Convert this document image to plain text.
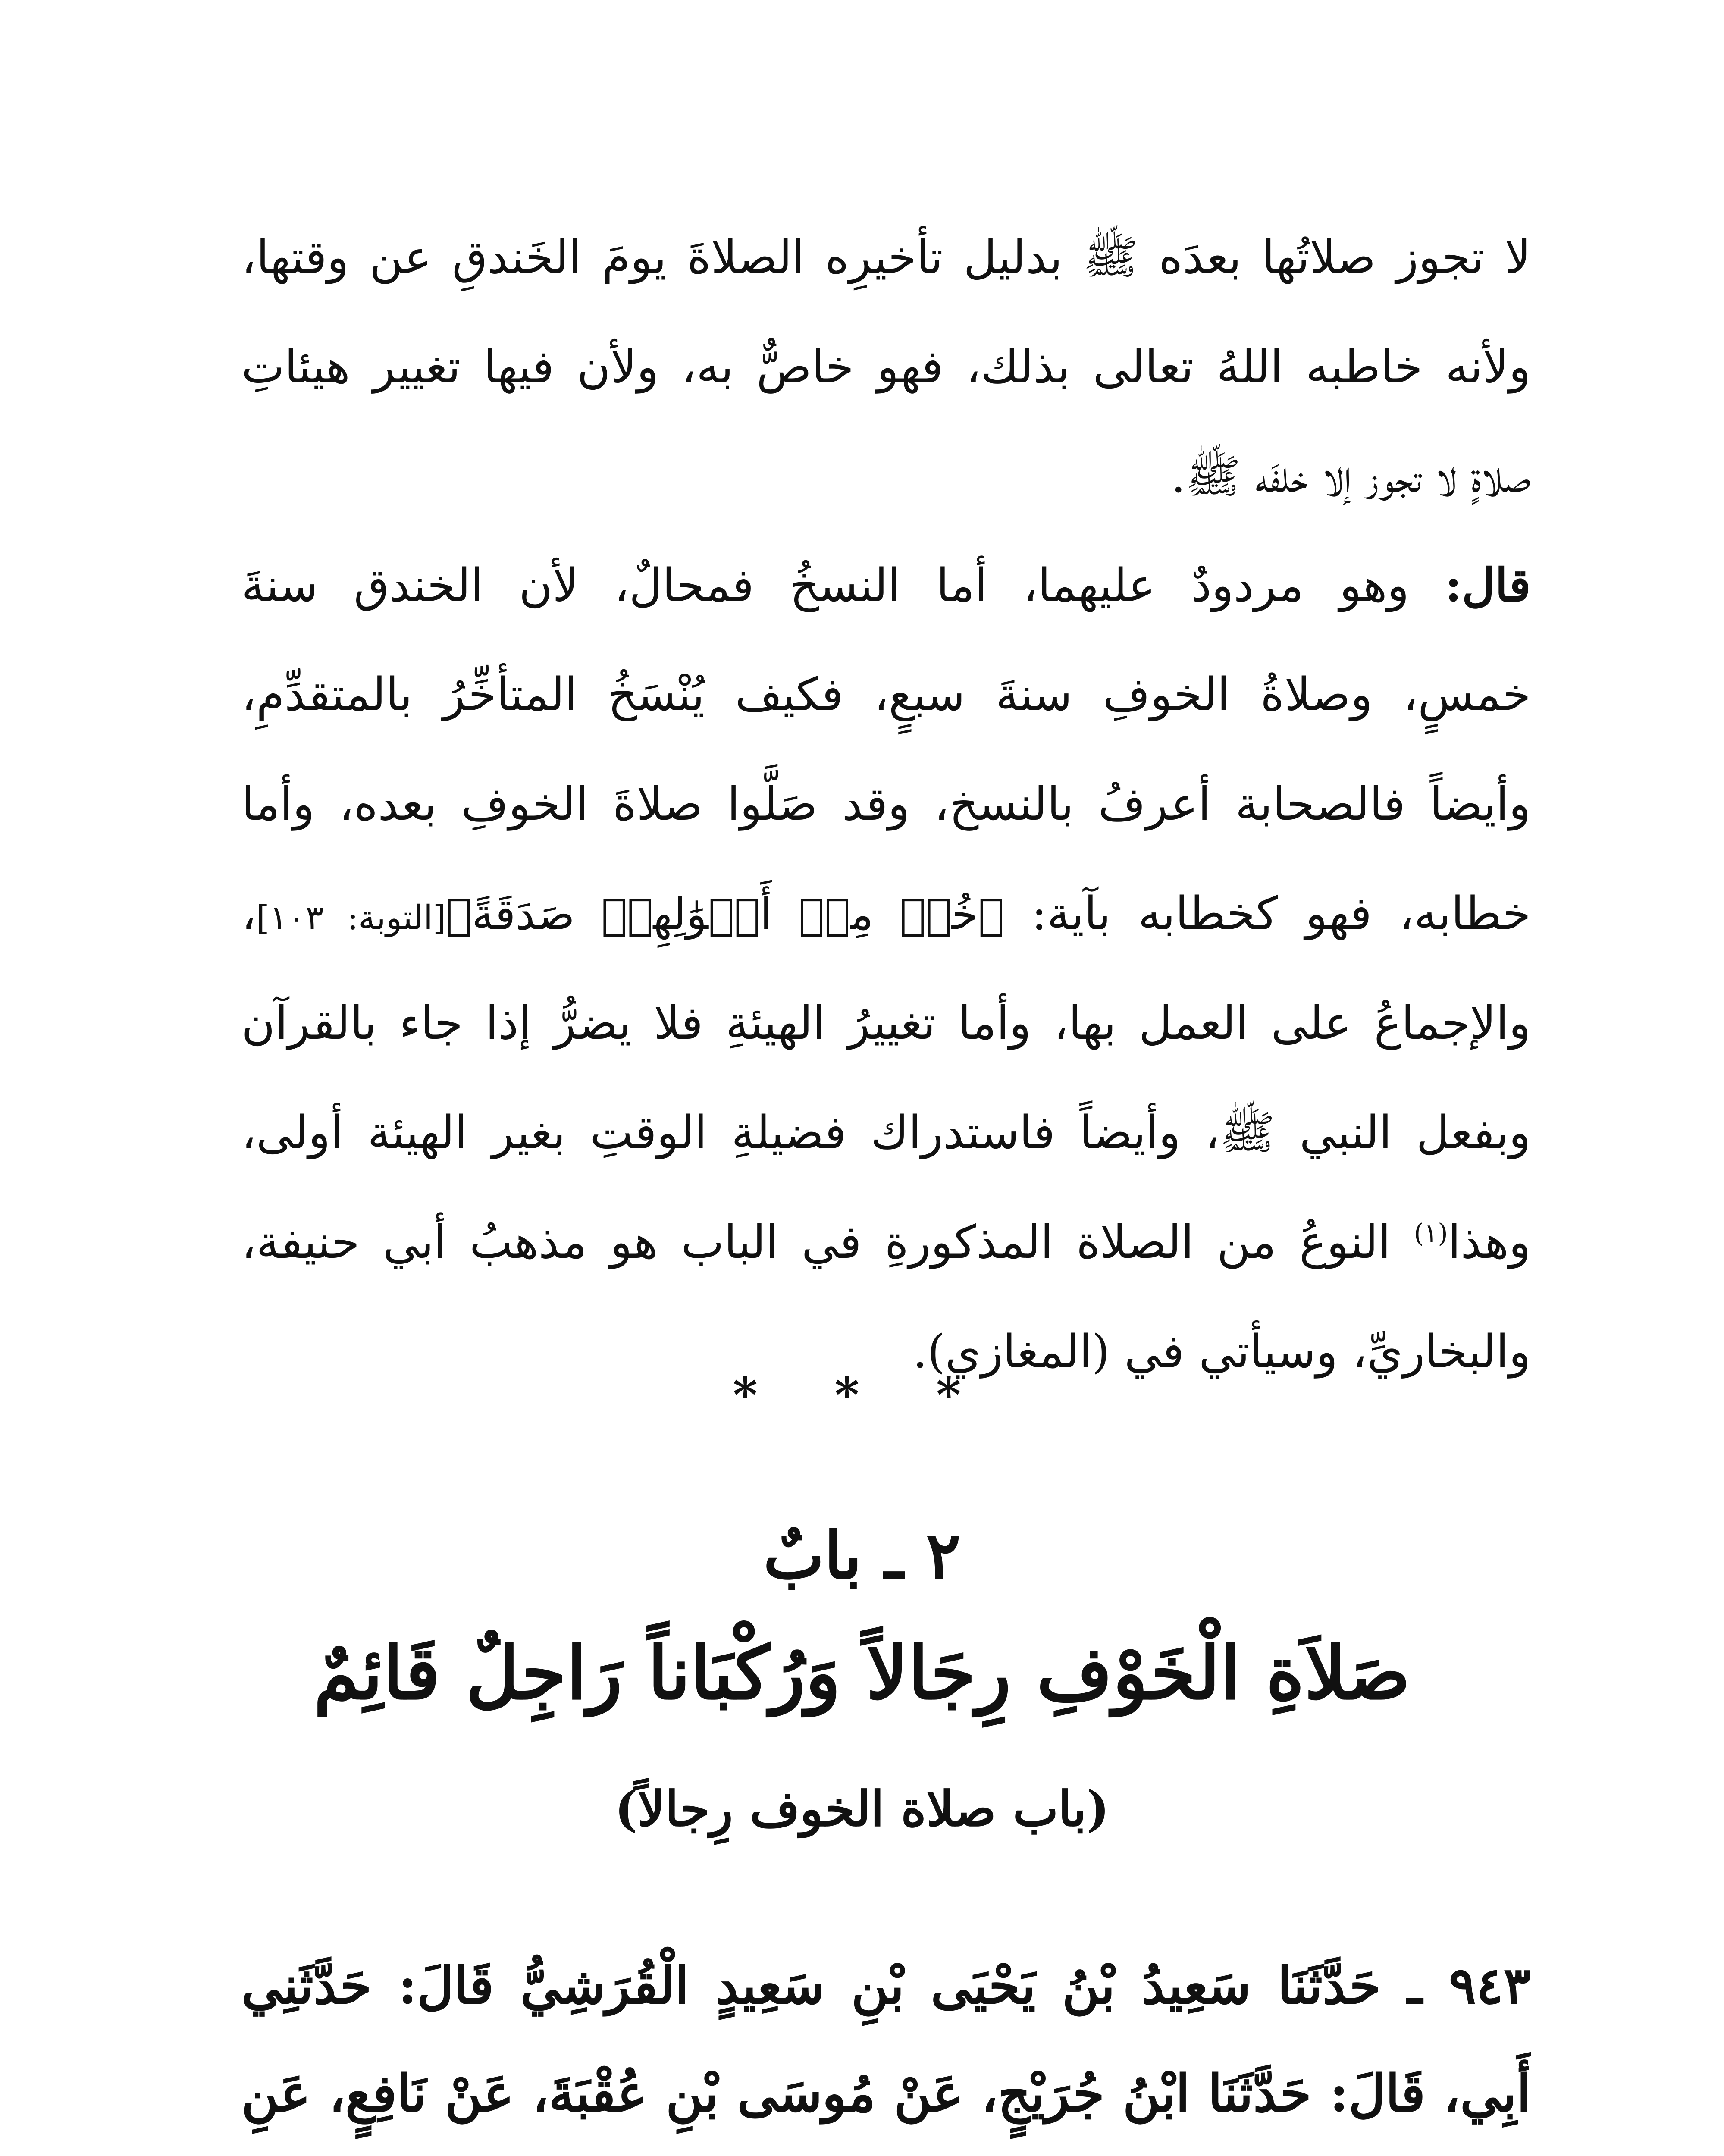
لا تجوز صلاتُها بعدَه ﷺ بدليل تأخيرِه الصلاةَ يومَ الخَندقِ عن وقتها،
ولأنه خاطبه اللهُ تعالى بذلك، فهو خاصٌّ به، ولأن فيها تغيير هيئاتِ
صلاةٍ لا تجوز إلا خلفَه ﷺ.
قال: وهو مردودٌ عليهما، أما النسخُ فمحالٌ، لأن الخندق سنةَ
خمسٍ، وصلاةُ الخوفِ سنةَ سبعٍ، فكيف يُنْسَخُ المتأخِّرُ بالمتقدِّمِ،
وأيضاً فالصحابة أعرفُ بالنسخ، وقد صَلَّوا صلاةَ الخوفِ بعده، وأما
خطابه، فهو كخطابه بآية: ﴿خُذۡ مِنۡ أَمۡوَٰلِهِمۡ صَدَقَةً﴾[التوبة: ١٠٣]،
والإجماعُ على العمل بها، وأما تغييرُ الهيئةِ فلا يضرُّ إذا جاء بالقرآن
وبفعل النبي ﷺ، وأيضاً فاستدراك فضيلةِ الوقتِ بغير الهيئة أولى،
وهذا$^{(١)}$ النوعُ من الصلاة المذكورةِ في الباب هو مذهبُ أبي حنيفة،
والبخاريِّ، وسيأتي في (المغازي).
* * *
٢ ـ بابٌ
صَلاَةِ الْخَوْفِ رِجَالاً وَرُكْبَاناً رَاجِلٌ قَائِمٌ
(باب صلاة الخوف رِجالاً)
٩٤٣ ـ حَدَّثَنَا سَعِيدُ بْنُ يَحْيَى بْنِ سَعِيدٍ الْقُرَشِيُّ قَالَ: حَدَّثَنِي
أَبِي، قَالَ: حَدَّثَنَا ابْنُ جُرَيْجٍ، عَنْ مُوسَى بْنِ عُقْبَةَ، عَنْ نَافِعٍ، عَنِ
